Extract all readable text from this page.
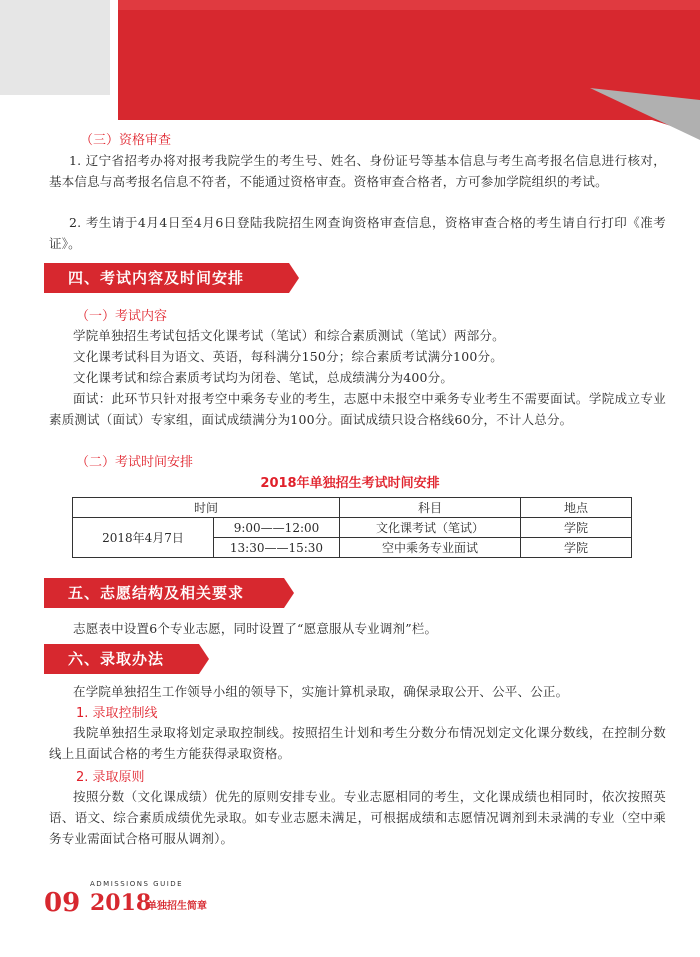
（三）资格审查

1. 辽宁省招考办将对报考我院学生的考生号、姓名、身份证号等基本信息与考生高考报名信息进行核对，基本信息与高考报名信息不符者，不能通过资格审查。资格审查合格者，方可参加学院组织的考试。

2. 考生请于4月4日至4月6日登陆我院招生网查询资格审查信息，资格审查合格的考生请自行打印《准考证》。

四、考试内容及时间安排
（一）考试内容

学院单独招生考试包括文化课考试（笔试）和综合素质测试（笔试）两部分。

文化课考试科目为语文、英语，每科满分150分；综合素质考试满分100分。

文化课考试和综合素质考试均为闭卷、笔试，总成绩满分为400分。

面试：此环节只针对报考空中乘务专业的考生，志愿中未报空中乘务专业考生不需要面试。学院成立专业素质测试（面试）专家组，面试成绩满分为100分。面试成绩只设合格线60分，不计人总分。

（二）考试时间安排
2018年单独招生考试时间安排
时间		科目	地点
2018年4月7日	9:00——12:00	文化课考试（笔试）	学院
	13:30——15:30	空中乘务专业面试	学院
五、志愿结构及相关要求

志愿表中设置6个专业志愿，同时设置了“愿意服从专业调剂”栏。

六、录取办法

在学院单独招生工作领导小组的领导下，实施计算机录取，确保录取公开、公平、公正。

1. 录取控制线

我院单独招生录取将划定录取控制线。按照招生计划和考生分数分布情况划定文化课分数线，在控制分数线上且面试合格的考生方能获得录取资格。

2. 录取原则

按照分数（文化课成绩）优先的原则安排专业。专业志愿相同的考生，文化课成绩也相同时，依次按照英语、语文、综合素质成绩优先录取。如专业志愿未满足，可根据成绩和志愿情况调剂到未录满的专业（空中乘务专业需面试合格可服从调剂）。

09
ADMISSIONS GUIDE
2018
单独招生简章
